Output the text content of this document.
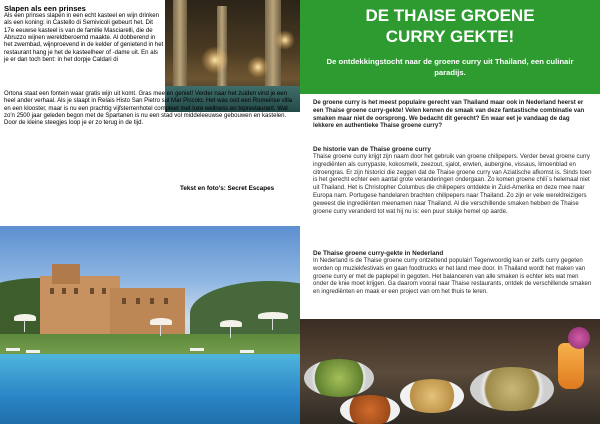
Slapen als een prinses

Als een prinses slapen in een echt kasteel en wijn drinken als een koning: in Castello di Semivicoli gebeurt het. Dit 17e eeuwse kasteel is van de familie Masciarelli, die de Abruzzo wijnen wereldberoemd maakte. Al dobberend in het zwembad, wijnproevend in de kelder of genietend in het restaurant hang je het de kasteelheer of -dame uit. En als je er dan toch bent: in het dorpje Caldari di

Ortona staat een fontein waar gratis wijn uit komt. Gras mee en geniet! Verder naar het zuiden vind je een heel ander verhaal. Als je slaapt in Relais Histo San Pietro sul Mar Piccolo. Het was ooit een Romeinse villa en een klooster, maar is nu een prachtig vijfsterrenhotel compleet met luxe wellness en toprestaurant. Wat zo'n 2500 jaar geleden begon met de Spartanen is nu een stad vol middeleeuwse gebouwen en kastelen. Door de kleine steegjes loop je er zo terug in de tijd.

Tekst en foto's: Secret Escapes
DE THAISE GROENE
CURRY GEKTE!
De ontdekkingstocht naar de groene curry uit Thailand, een culinair paradijs.

De groene curry is het meest populaire gerecht van Thailand maar ook in Nederland heerst er een Thaise groene curry-gekte! Velen kennen de smaak van deze fantastische combinatie van smaken maar niet de oorsprong. We bedacht dit gerecht? En waar eet je vandaag de dag lekkere en authentieke Thaise groene curry?

De historie van de Thaise groene curry

Thaise groene curry krijgt zijn naam door het gebruik van groene chilipepers. Verder bevat groene curry ingrediënten als currypaste, kokosmelk, zeezout, sjalot, erwten, aubergine, vissaus, limoenblad en citroengras. Er zijn historici die zeggen dat de Thaise groene curry van Aziatische afkomst is. Sinds toen is het gerecht echter een aantal grote veranderingen ondergaan. Zo komen groene chili´s helemaal niet uit Thailand. Het is Christopher Columbus die chilipepers ontdekte in Zuid-Amerika en deze mee naar Europa nam. Portugese handelaren brachten chilipepers naar Thailand. Zo zijn er vele wereldreizigers geweest die ingrediënten meenamen naar Thailand. Al die verschillende smaken hebben de Thaise groene curry veranderd tot wat hij nu is: een puur stukje hemel op aarde.

De Thaise groene curry-gekte in Nederland

In Nederland is de Thaise groene curry ontzettend populair! Tegenwoordig kan er zelfs curry gegeten worden op muziekfestivals en gaan foodtrucks er het land mee door. In Thailand wordt het maken van groene curry er met de paplepel in gegoten. Het balanceren van alle smaken is echter iets wat men onder de knie moet krijgen. Ga daarom vooral naar Thaise restaurants, ontdek de verschillende smaken en ingrediënten en maak er een project van om het thuis te leren.
